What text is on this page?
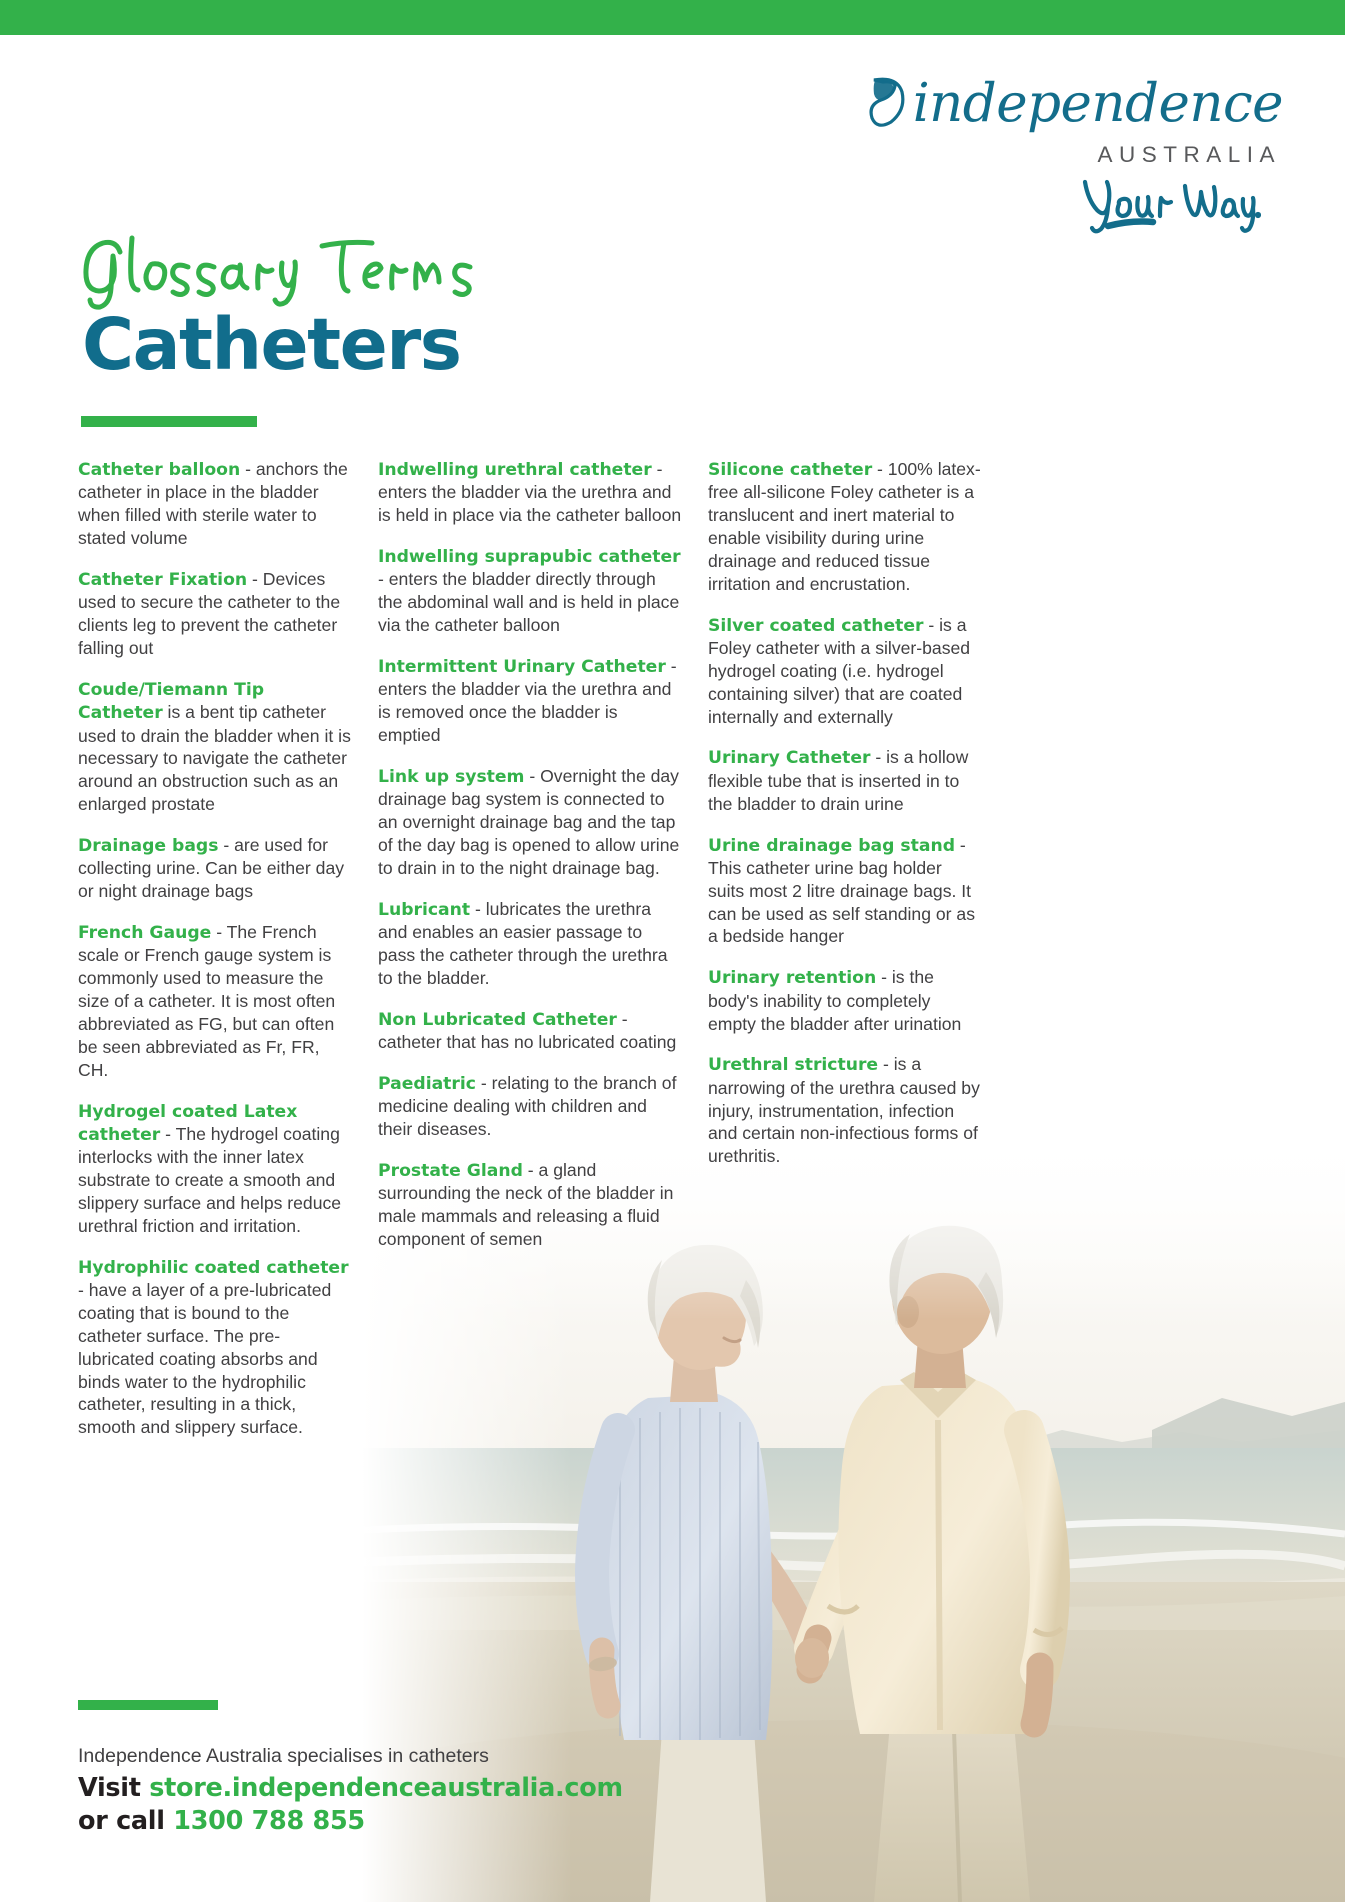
independence
AUSTRALIA
Catheters

Catheter balloon - anchors the catheter in place in the bladder when filled with sterile water to stated volume

Catheter Fixation - Devices used to secure the catheter to the clients leg to prevent the catheter falling out

Coude/Tiemann Tip Catheter is a bent tip catheter used to drain the bladder when it is necessary to navigate the catheter around an obstruction such as an enlarged prostate

Drainage bags - are used for collecting urine. Can be either day or night drainage bags

French Gauge - The French scale or French gauge system is commonly used to measure the size of a catheter. It is most often abbreviated as FG, but can often be seen abbreviated as Fr, FR, CH.

Hydrogel coated Latex catheter - The hydrogel coating interlocks with the inner latex substrate to create a smooth and slippery surface and helps reduce urethral friction and irritation.

Hydrophilic coated catheter - have a layer of a pre-lubricated coating that is bound to the catheter surface. The pre-lubricated coating absorbs and binds water to the hydrophilic catheter, resulting in a thick, smooth and slippery surface.

Indwelling urethral catheter - enters the bladder via the urethra and is held in place via the catheter balloon

Indwelling suprapubic catheter - enters the bladder directly through the abdominal wall and is held in place via the catheter balloon

Intermittent Urinary Catheter - enters the bladder via the urethra and is removed once the bladder is emptied

Link up system - Overnight the day drainage bag system is connected to an overnight drainage bag and the tap of the day bag is opened to allow urine to drain in to the night drainage bag.

Lubricant - lubricates the urethra and enables an easier passage to pass the catheter through the urethra to the bladder.

Non Lubricated Catheter - catheter that has no lubricated coating

Paediatric - relating to the branch of medicine dealing with children and their diseases.

Prostate Gland - a gland surrounding the neck of the bladder in male mammals and releasing a fluid component of semen

Silicone catheter - 100% latex-free all-silicone Foley catheter is a translucent and inert material to enable visibility during urine drainage and reduced tissue irritation and encrustation.

Silver coated catheter - is a Foley catheter with a silver-based hydrogel coating (i.e. hydrogel containing silver) that are coated internally and externally

Urinary Catheter - is a hollow flexible tube that is inserted in to the bladder to drain urine

Urine drainage bag stand - This catheter urine bag holder suits most 2 litre drainage bags. It can be used as self standing or as a bedside hanger

Urinary retention - is the body's inability to completely empty the bladder after urination

Urethral stricture - is a narrowing of the urethra caused by injury, instrumentation, infection and certain non-infectious forms of urethritis.

Independence Australia specialises in catheters
Visit store.independenceaustralia.com
or call 1300 788 855
